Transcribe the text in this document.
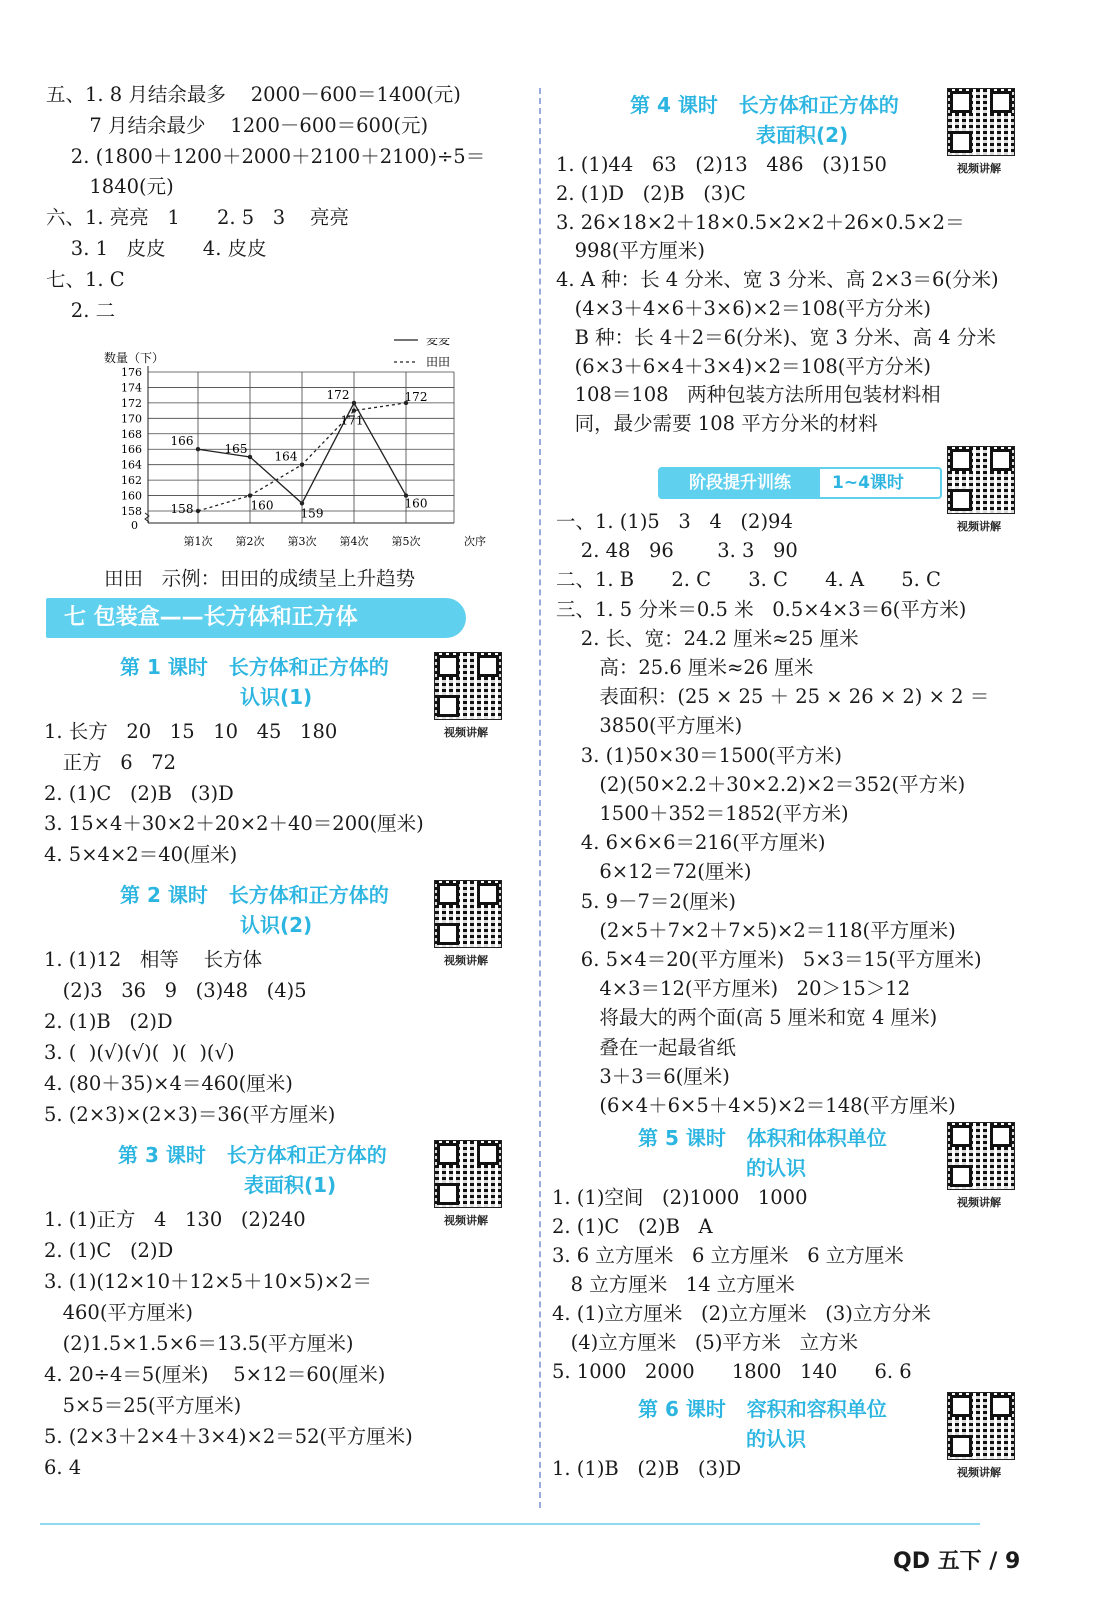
158
160
162
164
166
168
170
172
174
176
第1次 第2次 第3次 第4次 第5次
0
数量（下）
次序
麦麦
田田
166
165
159
172
160
158	160
164
171
172
田田   示例：田田的成绩呈上升趋势
七 包装盒——长方体和正方体
第 1 课时   长方体和正方体的
认识(1)
第 2 课时   长方体和正方体的
认识(2)
第 3 课时   长方体和正方体的
表面积(1)
第 4 课时   长方体和正方体的
表面积(2)
第 5 课时   体积和体积单位
的认识
第 6 课时   容积和容积单位
的认识
阶段提升训练	1~4课时
视频讲解
视频讲解
视频讲解
视频讲解
视频讲解
视频讲解
视频讲解
五、1. 8 月结余最多    2000－600＝1400(元)
7 月结余最少    1200－600＝600(元)
2. (1800＋1200＋2000＋2100＋2100)÷5＝
1840(元)
六、1. 亮亮   1      2. 5   3    亮亮
3. 1   皮皮      4. 皮皮
七、1. C
2. 二
1. 长方   20   15   10   45   180
正方   6   72
2. (1)C   (2)B   (3)D
3. 15×4＋30×2＋20×2＋40＝200(厘米)
4. 5×4×2＝40(厘米)
1. (1)12   相等    长方体
(2)3   36   9   (3)48   (4)5
2. (1)B   (2)D
3. (  )(√)(√)(  )(  )(√)
4. (80＋35)×4＝460(厘米)
5. (2×3)×(2×3)＝36(平方厘米)
1. (1)正方   4   130   (2)240
2. (1)C   (2)D
3. (1)(12×10＋12×5＋10×5)×2＝
460(平方厘米)
(2)1.5×1.5×6＝13.5(平方厘米)
4. 20÷4＝5(厘米)    5×12＝60(厘米)
5×5＝25(平方厘米)
5. (2×3＋2×4＋3×4)×2＝52(平方厘米)
6. 4
1. (1)44   63   (2)13   486   (3)150
2. (1)D   (2)B   (3)C
3. 26×18×2＋18×0.5×2×2＋26×0.5×2＝
998(平方厘米)
4. A 种：长 4 分米、宽 3 分米、高 2×3＝6(分米)
(4×3＋4×6＋3×6)×2＝108(平方分米)
B 种：长 4＋2＝6(分米)、宽 3 分米、高 4 分米
(6×3＋6×4＋3×4)×2＝108(平方分米)
108＝108   两种包装方法所用包装材料相
同，最少需要 108 平方分米的材料
一、1. (1)5   3   4   (2)94
2. 48   96       3. 3   90
二、1. B      2. C      3. C      4. A      5. C
三、1. 5 分米＝0.5 米   0.5×4×3＝6(平方米)
2. 长、宽：24.2 厘米≈25 厘米
高：25.6 厘米≈26 厘米
表面积：(25 × 25 ＋ 25 × 26 × 2) × 2 ＝
3850(平方厘米)
3. (1)50×30＝1500(平方米)
(2)(50×2.2＋30×2.2)×2＝352(平方米)
1500＋352＝1852(平方米)
4. 6×6×6＝216(平方厘米)
6×12＝72(厘米)
5. 9－7＝2(厘米)
(2×5＋7×2＋7×5)×2＝118(平方厘米)
6. 5×4＝20(平方厘米)   5×3＝15(平方厘米)
4×3＝12(平方厘米)   20＞15＞12
将最大的两个面(高 5 厘米和宽 4 厘米)
叠在一起最省纸
3＋3＝6(厘米)
(6×4＋6×5＋4×5)×2＝148(平方厘米)
1. (1)空间   (2)1000   1000
2. (1)C   (2)B   A
3. 6 立方厘米   6 立方厘米   6 立方厘米
8 立方厘米   14 立方厘米
4. (1)立方厘米   (2)立方厘米   (3)立方分米
(4)立方厘米   (5)平方米   立方米
5. 1000   2000      1800   140      6. 6
1. (1)B   (2)B   (3)D
QD 五下 / 9
